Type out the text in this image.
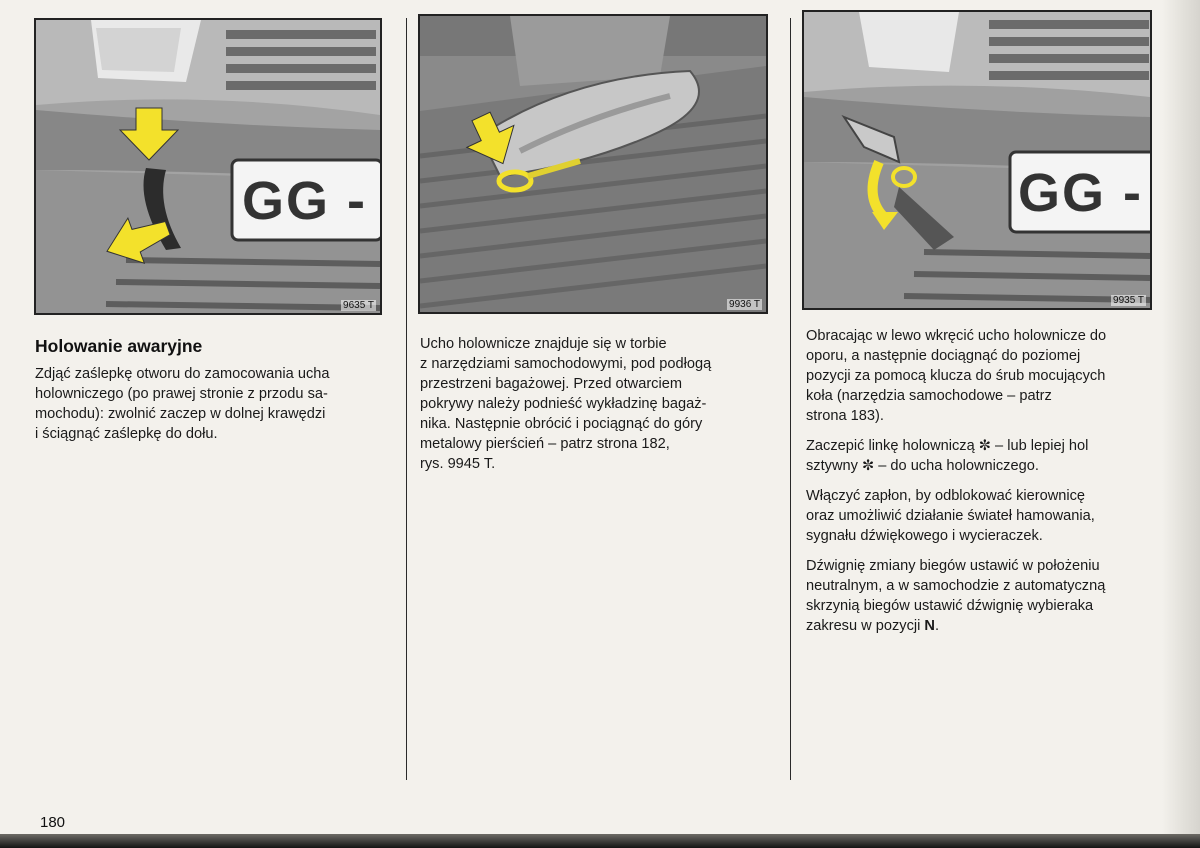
GG -
9635 T	9936 T
GG -
9935 T
Holowanie awaryjne
Zdjąć zaślepkę otworu do zamocowania ucha
holowniczego (po prawej stronie z przodu sa-
mochodu): zwolnić zaczep w dolnej krawędzi
i ściągnąć zaślepkę do dołu.
Ucho holownicze znajduje się w torbie
z narzędziami samochodowymi, pod podłogą
przestrzeni bagażowej. Przed otwarciem
pokrywy należy podnieść wykładzinę bagaż-
nika. Następnie obrócić i pociągnąć do góry
metalowy pierścień – patrz strona 182,
rys. 9945 T.

Obracając w lewo wkręcić ucho holownicze do
oporu, a następnie dociągnąć do poziomej
pozycji za pomocą klucza do śrub mocujących
koła (narzędzia samochodowe – patrz
strona 183).

Zaczepić linkę holowniczą ✼ – lub lepiej hol
sztywny ✼ – do ucha holowniczego.

Włączyć zapłon, by odblokować kierownicę
oraz umożliwić działanie świateł hamowania,
sygnału dźwiękowego i wycieraczek.

Dźwignię zmiany biegów ustawić w położeniu
neutralnym, a w samochodzie z automatyczną
skrzynią biegów ustawić dźwignię wybieraka
zakresu w pozycji N.

180
